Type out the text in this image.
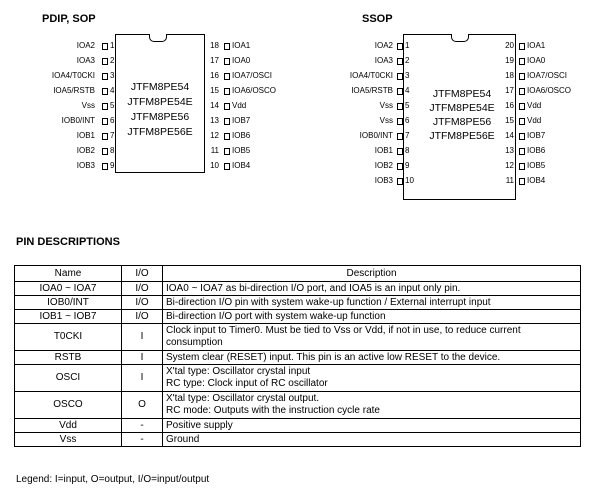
PDIP, SOP
JTFM8PE54
JTFM8PE54E
JTFM8PE56
JTFM8PE56E
IOA2 1
IOA3 2
IOA4/T0CKI 3
IOA5/RSTB 4
Vss 5
IOB0/INT 6
IOB1 7
IOB2 8
IOB3 9
18 IOA1
17 IOA0
16 IOA7/OSCI
15 IOA6/OSCO
14 Vdd
13 IOB7
12 IOB6
11 IOB5
10 IOB4
SSOP
JTFM8PE54
JTFM8PE54E
JTFM8PE56
JTFM8PE56E
IOA2 1
IOA3 2
IOA4/T0CKI 3
IOA5/RSTB 4
Vss 5
Vss 6
IOB0/INT 7
IOB1 8
IOB2 9
IOB3 10
20 IOA1
19 IOA0
18 IOA7/OSCI
17 IOA6/OSCO
16 Vdd
15 Vdd
14 IOB7
13 IOB6
12 IOB5
11 IOB4
PIN DESCRIPTIONS
Name	I/O	Description
IOA0 ~ IOA7	I/O	IOA0 ~ IOA7 as bi-direction I/O port, and IOA5 is an input only pin.
IOB0/INT	I/O	Bi-direction I/O pin with system wake-up function / External interrupt input
IOB1 ~ IOB7	I/O	Bi-direction I/O port with system wake-up function
T0CKI	I	Clock input to Timer0. Must be tied to Vss or Vdd, if not in use, to reduce current consumption
RSTB	I	System clear (RESET) input. This pin is an active low RESET to the device.
OSCI	I	X'tal type: Oscillator crystal input
RC type: Clock input of RC oscillator
OSCO	O	X'tal type: Oscillator crystal output.
RC mode: Outputs with the instruction cycle rate
Vdd	-	Positive supply
Vss	-	Ground
Legend: I=input, O=output, I/O=input/output
